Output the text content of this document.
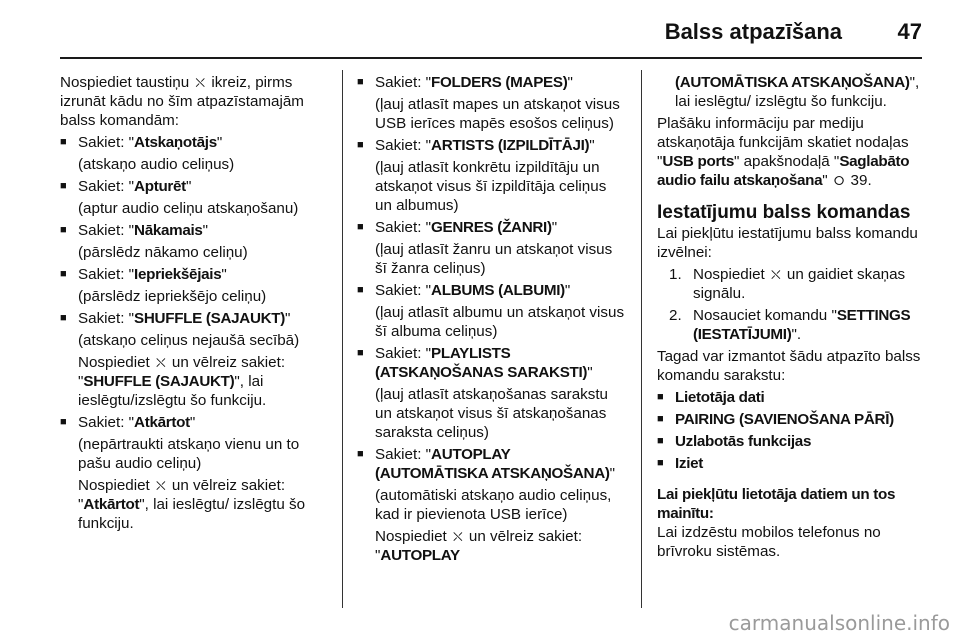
Balss atpazīšana	47

Nospiediet taustiņu ⛌ ikreiz, pirms izrunāt kādu no šīm atpazīstamajām balss komandām:

■ Sakiet: "Atskaņotājs"

(atskaņo audio celiņus)

■ Sakiet: "Apturēt"

(aptur audio celiņu atskaņošanu)

■ Sakiet: "Nākamais"

(pārslēdz nākamo celiņu)

■ Sakiet: "Iepriekšējais"

(pārslēdz iepriekšējo celiņu)

■ Sakiet: "SHUFFLE (SAJAUKT)"

(atskaņo celiņus nejaušā secībā)

Nospiediet ⛌ un vēlreiz sakiet: "SHUFFLE (SAJAUKT)", lai ieslēgtu/izslēgtu šo funkciju.

■ Sakiet: "Atkārtot"

(nepārtraukti atskaņo vienu un to pašu audio celiņu)

Nospiediet ⛌ un vēlreiz sakiet: "Atkārtot", lai ieslēgtu/ izslēgtu šo funkciju.

■ Sakiet: "FOLDERS (MAPES)"

(ļauj atlasīt mapes un atskaņot visus USB ierīces mapēs esošos celiņus)

■ Sakiet: "ARTISTS (IZPILDĪTĀJI)"

(ļauj atlasīt konkrētu izpildītāju un atskaņot visus šī izpildītāja celiņus un albumus)

■ Sakiet: "GENRES (ŽANRI)"

(ļauj atlasīt žanru un atskaņot visus šī žanra celiņus)

■ Sakiet: "ALBUMS (ALBUMI)"

(ļauj atlasīt albumu un atskaņot visus šī albuma celiņus)

■ Sakiet: "PLAYLISTS (ATSKAŅOŠANAS SARAKSTI)"

(ļauj atlasīt atskaņošanas sarakstu un atskaņot visus šī atskaņošanas saraksta celiņus)

■ Sakiet: "AUTOPLAY (AUTOMĀTISKA ATSKAŅOŠANA)"

(automātiski atskaņo audio celiņus, kad ir pievienota USB ierīce)

Nospiediet ⛌ un vēlreiz sakiet: "AUTOPLAY

(AUTOMĀTISKA ATSKAŅOŠANA)", lai ieslēgtu/ izslēgtu šo funkciju.

Plašāku informāciju par mediju atskaņotāja funkcijām skatiet nodaļas "USB ports" apakšnodaļā "Saglabāto audio failu atskaņošana" ⭘ 39.

Iestatījumu balss komandas

Lai piekļūtu iestatījumu balss komandu izvēlnei:

1. Nospiediet ⛌ un gaidiet skaņas signālu.
2. Nosauciet komandu "SETTINGS (IESTATĪJUMI)".

Tagad var izmantot šādu atpazīto balss komandu sarakstu:

■ Lietotāja dati
■ PAIRING (SAVIENOŠANA PĀRĪ)
■ Uzlabotās funkcijas
■ Iziet

Lai piekļūtu lietotāja datiem un tos mainītu:

Lai izdzēstu mobilos telefonus no brīvroku sistēmas.

carmanualsonline.info
